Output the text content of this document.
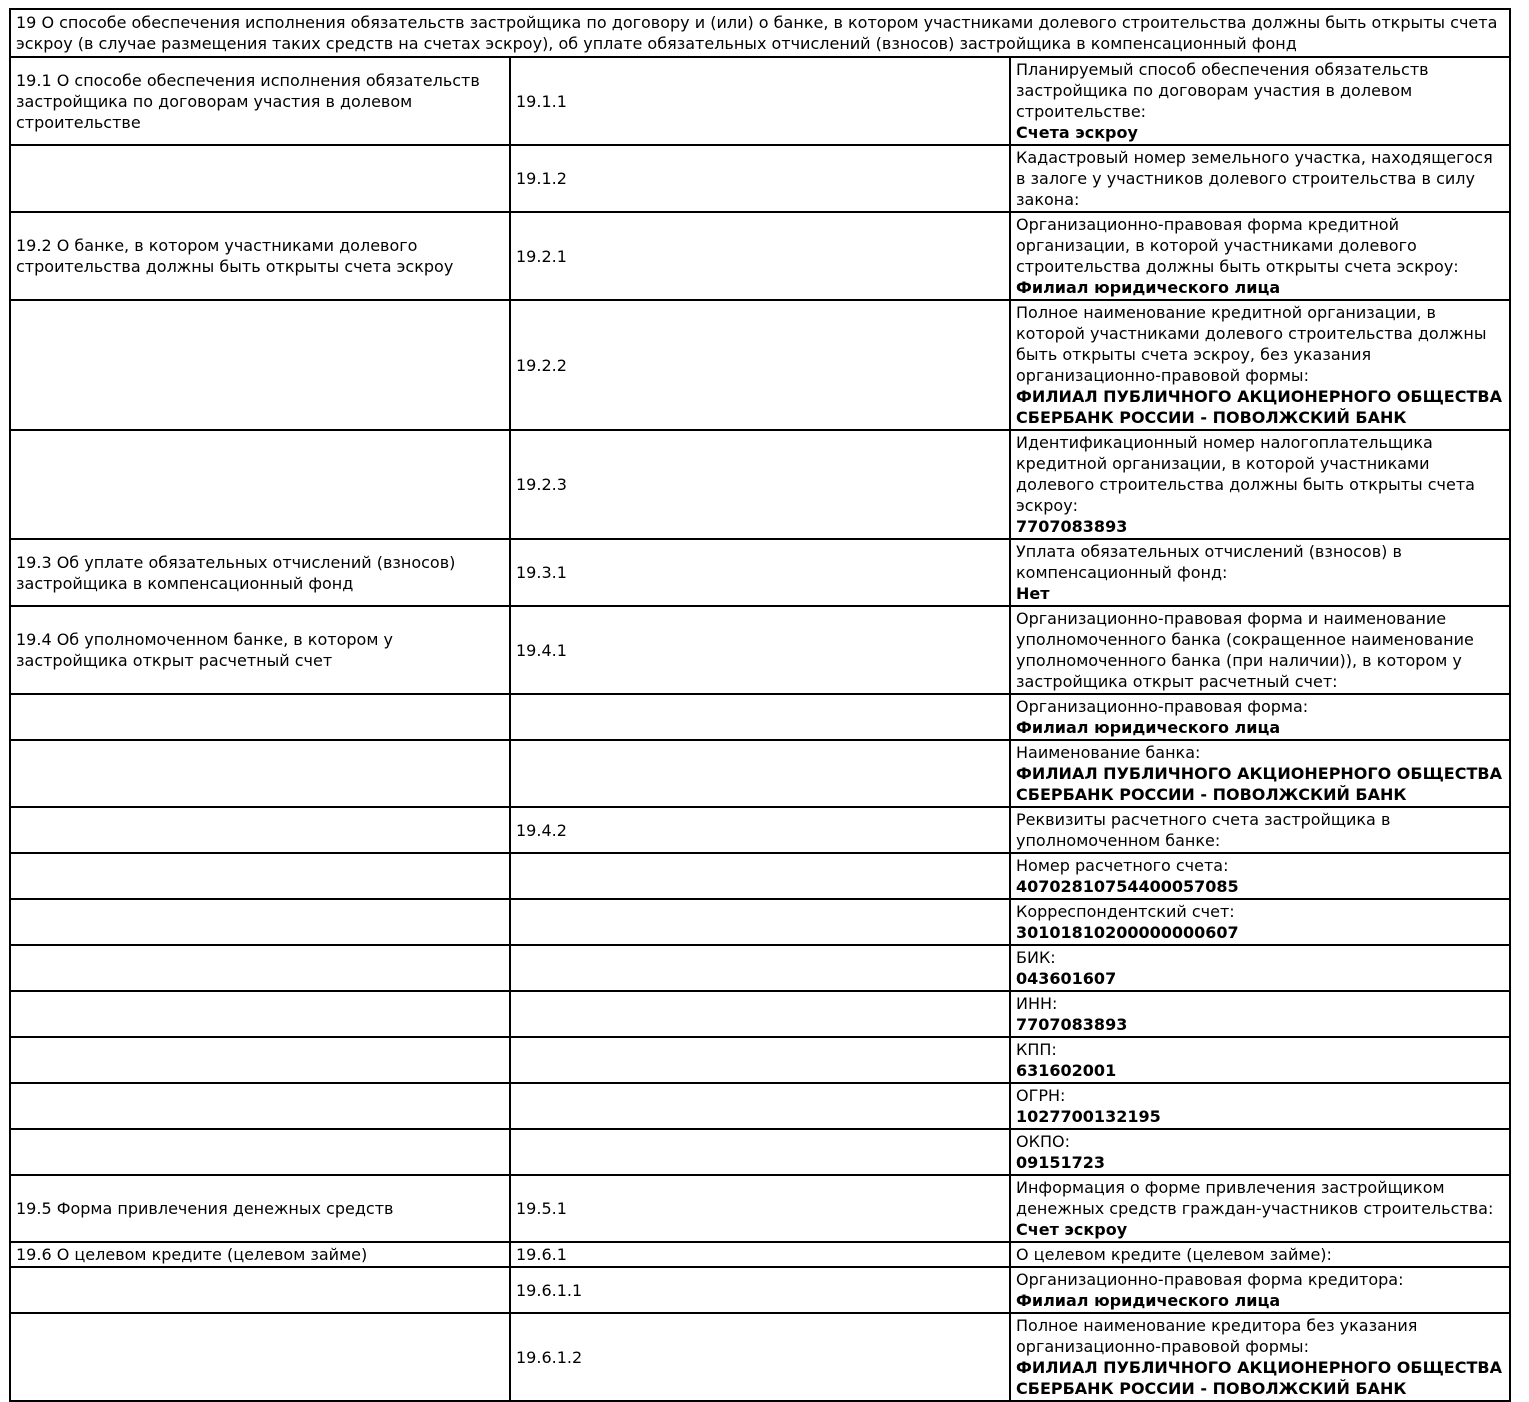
19 О способе обеспечения исполнения обязательств застройщика по договору и (или) о банке, в котором участниками долевого строительства должны быть открыты счета эскроу (в случае размещения таких средств на счетах эскроу), об уплате обязательных отчислений (взносов) застройщика в компенсационный фонд		
19.1 О способе обеспечения исполнения обязательств застройщика по договорам участия в долевом строительстве	19.1.1	Планируемый способ обеспечения обязательств застройщика по договорам участия в долевом строительстве:
Счета эскроу

	19.1.2	Кадастровый номер земельного участка, находящегося в залоге у участников долевого строительства в силу закона:

19.2 О банке, в котором участниками долевого строительства должны быть открыты счета эскроу	19.2.1	Организационно-правовая форма кредитной организации, в которой участниками долевого строительства должны быть открыты счета эскроу:
Филиал юридического лица

	19.2.2	Полное наименование кредитной организации, в которой участниками долевого строительства должны быть открыты счета эскроу, без указания организационно-правовой формы:
ФИЛИАЛ ПУБЛИЧНОГО АКЦИОНЕРНОГО ОБЩЕСТВА СБЕРБАНК РОССИИ - ПОВОЛЖСКИЙ БАНК

	19.2.3	Идентификационный номер налогоплательщика кредитной организации, в которой участниками долевого строительства должны быть открыты счета эскроу:
7707083893

19.3 Об уплате обязательных отчислений (взносов) застройщика в компенсационный фонд	19.3.1	Уплата обязательных отчислений (взносов) в компенсационный фонд:
Нет

19.4 Об уполномоченном банке, в котором у застройщика открыт расчетный счет	19.4.1	Организационно-правовая форма и наименование уполномоченного банка (сокращенное наименование уполномоченного банка (при наличии)), в котором у застройщика открыт расчетный счет:

		Организационно-правовая форма:
Филиал юридического лица

		Наименование банка:
ФИЛИАЛ ПУБЛИЧНОГО АКЦИОНЕРНОГО ОБЩЕСТВА СБЕРБАНК РОССИИ - ПОВОЛЖСКИЙ БАНК

	19.4.2	Реквизиты расчетного счета застройщика в уполномоченном банке:

		Номер расчетного счета:
40702810754400057085

		Корреспондентский счет:
30101810200000000607

		БИК:
043601607

		ИНН:
7707083893

		КПП:
631602001

		ОГРН:
1027700132195

		ОКПО:
09151723

19.5 Форма привлечения денежных средств	19.5.1	Информация о форме привлечения застройщиком денежных средств граждан-участников строительства:
Счет эскроу

19.6 О целевом кредите (целевом займе)	19.6.1	О целевом кредите (целевом займе):

	19.6.1.1	Организационно-правовая форма кредитора:
Филиал юридического лица

	19.6.1.2	Полное наименование кредитора без указания организационно-правовой формы:
ФИЛИАЛ ПУБЛИЧНОГО АКЦИОНЕРНОГО ОБЩЕСТВА СБЕРБАНК РОССИИ - ПОВОЛЖСКИЙ БАНК
